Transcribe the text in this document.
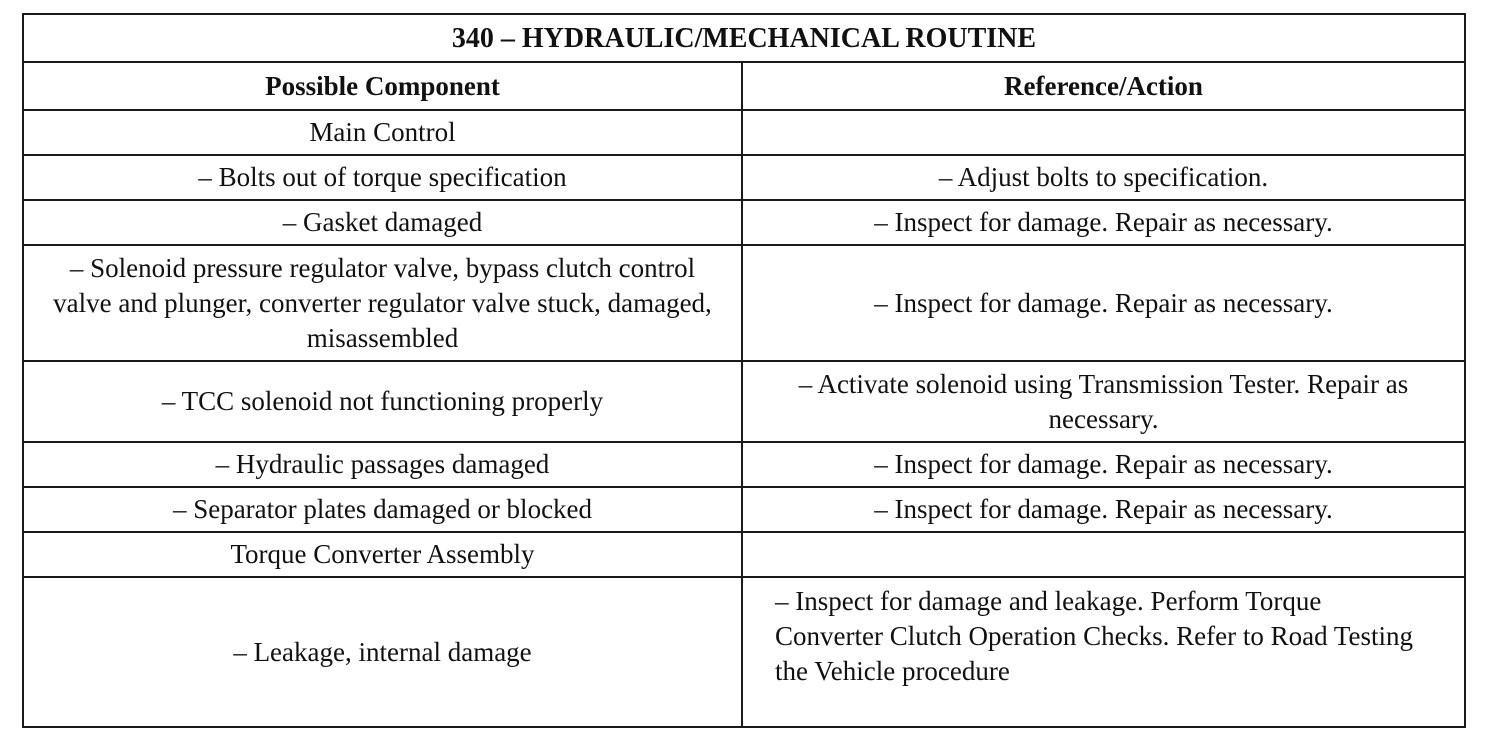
340 – HYDRAULIC/MECHANICAL ROUTINE	
Possible Component	Reference/Action
Main Control	
– Bolts out of torque specification	– Adjust bolts to specification.
– Gasket damaged	– Inspect for damage. Repair as necessary.
– Solenoid pressure regulator valve, bypass clutch control valve and plunger, converter regulator valve stuck, damaged, misassembled	– Inspect for damage. Repair as necessary.
– TCC solenoid not functioning properly	– Activate solenoid using Transmission Tester. Repair as necessary.
– Hydraulic passages damaged	– Inspect for damage. Repair as necessary.
– Separator plates damaged or blocked	– Inspect for damage. Repair as necessary.
Torque Converter Assembly	
– Leakage, internal damage	– Inspect for damage and leakage. Perform Torque Converter Clutch Operation Checks. Refer to Road Testing the Vehicle procedure
